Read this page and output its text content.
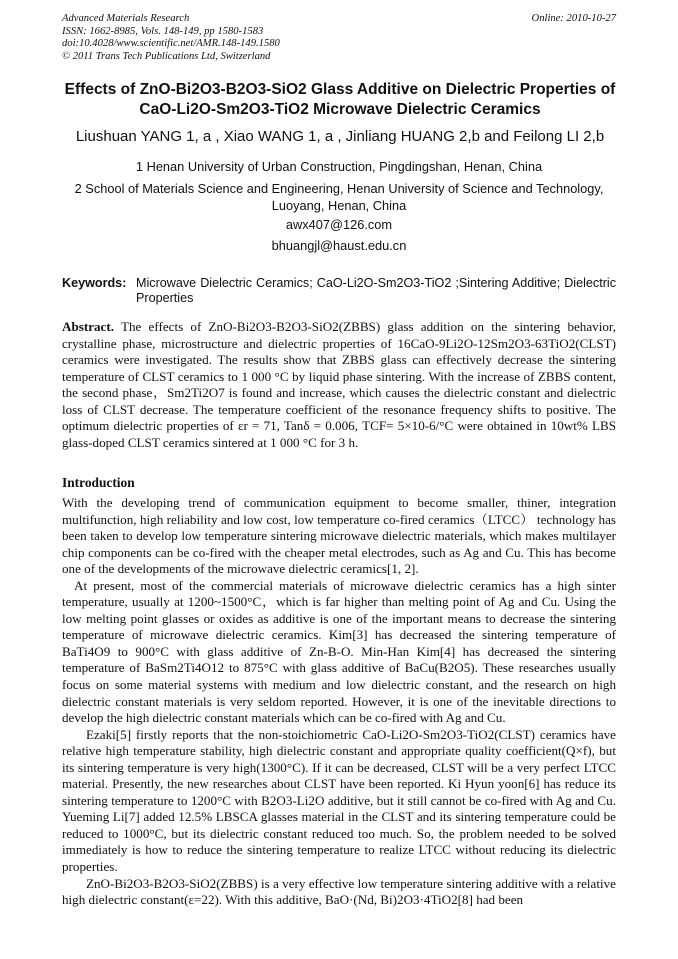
Advanced Materials Research	Online: 2010-10-27
ISSN: 1662-8985, Vols. 148-149, pp 1580-1583
doi:10.4028/www.scientific.net/AMR.148-149.1580
© 2011 Trans Tech Publications Ltd, Switzerland
Effects of ZnO-Bi2O3-B2O3-SiO2 Glass Additive on Dielectric Properties of
CaO-Li2O-Sm2O3-TiO2 Microwave Dielectric Ceramics
Liushuan YANG 1, a , Xiao WANG 1, a , Jinliang HUANG 2,b and Feilong LI 2,b
1 Henan University of Urban Construction, Pingdingshan, Henan, China
2 School of Materials Science and Engineering, Henan University of Science and Technology,
Luoyang, Henan, China
awx407@126.com
bhuangjl@haust.edu.cn
Keywords: Microwave Dielectric Ceramics; CaO-Li2O-Sm2O3-TiO2 ;Sintering Additive; Dielectric
Properties

Abstract. The effects of ZnO-Bi2O3-B2O3-SiO2(ZBBS) glass addition on the sintering behavior, crystalline phase, microstructure and dielectric properties of 16CaO-9Li2O-12Sm2O3-63TiO2(CLST) ceramics were investigated. The results show that ZBBS glass can effectively decrease the sintering temperature of CLST ceramics to 1 000 °C by liquid phase sintering. With the increase of ZBBS content, the second phase，Sm2Ti2O7 is found and increase, which causes the dielectric constant and dielectric loss of CLST decrease. The temperature coefficient of the resonance frequency shifts to positive. The optimum dielectric properties of εr = 71, Tanδ = 0.006, TCF= 5×10-6/°C were obtained in 10wt% LBS glass-doped CLST ceramics sintered at 1 000 °C for 3 h.

Introduction

With the developing trend of communication equipment to become smaller, thiner, integration multifunction, high reliability and low cost, low temperature co-fired ceramics（LTCC） technology has been taken to develop low temperature sintering microwave dielectric materials, which makes multilayer chip components can be co-fired with the cheaper metal electrodes, such as Ag and Cu. This has become one of the developments of the microwave dielectric ceramics[1, 2].

At present, most of the commercial materials of microwave dielectric ceramics has a high sinter temperature, usually at 1200~1500°C，which is far higher than melting point of Ag and Cu. Using the low melting point glasses or oxides as additive is one of the important means to decrease the sintering temperature of microwave dielectric ceramics. Kim[3] has decreased the sintering temperature of BaTi4O9 to 900°C with glass additive of Zn-B-O. Min-Han Kim[4] has decreased the sintering temperature of BaSm2Ti4O12 to 875°C with glass additive of BaCu(B2O5). These researches usually focus on some material systems with medium and low dielectric constant, and the research on high dielectric constant materials is very seldom reported. However, it is one of the inevitable directions to develop the high dielectric constant materials which can be co-fired with Ag and Cu.

Ezaki[5] firstly reports that the non-stoichiometric CaO-Li2O-Sm2O3-TiO2(CLST) ceramics have relative high temperature stability, high dielectric constant and appropriate quality coefficient(Q×f), but its sintering temperature is very high(1300°C). If it can be decreased, CLST will be a very perfect LTCC material. Presently, the new researches about CLST have been reported. Ki Hyun yoon[6] has reduce its sintering temperature to 1200°C with B2O3-Li2O additive, but it still cannot be co-fired with Ag and Cu. Yueming Li[7] added 12.5% LBSCA glasses material in the CLST and its sintering temperature could be reduced to 1000°C, but its dielectric constant reduced too much. So, the problem needed to be solved immediately is how to reduce the sintering temperature to realize LTCC without reducing its dielectric properties.

ZnO-Bi2O3-B2O3-SiO2(ZBBS) is a very effective low temperature sintering additive with a relative high dielectric constant(ε=22). With this additive, BaO·(Nd, Bi)2O3·4TiO2[8] had been
